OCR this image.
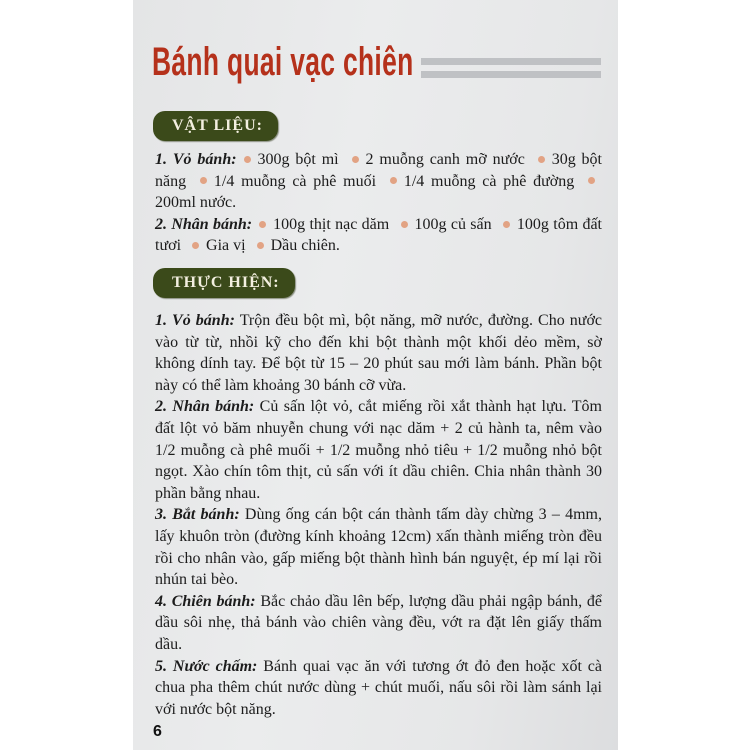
Bánh quai vạc chiên
VẬT LIỆU:

1. Vỏ bánh: 300g bột mì 2 muỗng canh mỡ nước 30g bột năng 1/4 muỗng cà phê muối 1/4 muỗng cà phê đường 200ml nước.

2. Nhân bánh: 100g thịt nạc dăm 100g củ sấn 100g tôm đất tươi Gia vị Dầu chiên.

THỰC HIỆN:

1. Vỏ bánh: Trộn đều bột mì, bột năng, mỡ nước, đường. Cho nước vào từ từ, nhồi kỹ cho đến khi bột thành một khối dẻo mềm, sờ không dính tay. Để bột từ 15 – 20 phút sau mới làm bánh. Phần bột này có thể làm khoảng 30 bánh cỡ vừa.

2. Nhân bánh: Củ sấn lột vỏ, cắt miếng rồi xắt thành hạt lựu. Tôm đất lột vỏ băm nhuyễn chung với nạc dăm + 2 củ hành ta, nêm vào 1/2 muỗng cà phê muối + 1/2 muỗng nhỏ tiêu + 1/2 muỗng nhỏ bột ngọt. Xào chín tôm thịt, củ sấn với ít dầu chiên. Chia nhân thành 30 phần bằng nhau.

3. Bắt bánh: Dùng ống cán bột cán thành tấm dày chừng 3 – 4mm, lấy khuôn tròn (đường kính khoảng 12cm) xấn thành miếng tròn đều rồi cho nhân vào, gấp miếng bột thành hình bán nguyệt, ép mí lại rồi nhún tai bèo.

4. Chiên bánh: Bắc chảo dầu lên bếp, lượng dầu phải ngập bánh, để dầu sôi nhẹ, thả bánh vào chiên vàng đều, vớt ra đặt lên giấy thấm dầu.

5. Nước chấm: Bánh quai vạc ăn với tương ớt đỏ đen hoặc xốt cà chua pha thêm chút nước dùng + chút muối, nấu sôi rồi làm sánh lại với nước bột năng.

6
